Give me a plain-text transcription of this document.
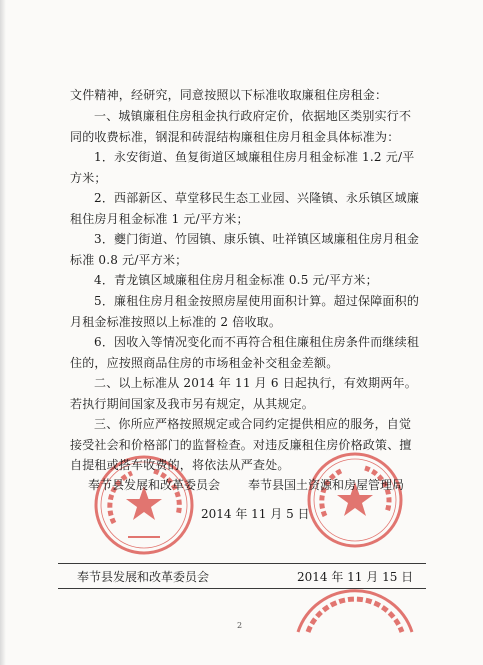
文件精神，经研究，同意按照以下标准收取廉租住房租金：
一、城镇廉租住房租金执行政府定价，依据地区类别实行不同的收费标准，钢混和砖混结构廉租住房月租金具体标准为：
1．永安街道、鱼复街道区域廉租住房月租金标准 1.2 元/平方米；
2．西部新区、草堂移民生态工业园、兴隆镇、永乐镇区域廉租住房月租金标准 1 元/平方米；
3．夔门街道、竹园镇、康乐镇、吐祥镇区域廉租住房月租金标准 0.8 元/平方米；
4．青龙镇区域廉租住房月租金标准 0.5 元/平方米；
5．廉租住房月租金按照房屋使用面积计算。超过保障面积的月租金标准按照以上标准的 2 倍收取。
6．因收入等情况变化而不再符合租住廉租住房条件而继续租住的，应按照商品住房的市场租金补交租金差额。
二、以上标准从 2014 年 11 月 6 日起执行，有效期两年。若执行期间国家及我市另有规定，从其规定。
三、你所应严格按照规定或合同约定提供相应的服务，自觉接受社会和价格部门的监督检查。对违反廉租住房价格政策、擅自提租或搭车收费的，将依法从严查处。
奉节县发展和改革委员会 奉节县国土资源和房屋管理局
2014 年 11 月 5 日
奉节县发展和改革委员会	2014 年 11 月 15 日
2
